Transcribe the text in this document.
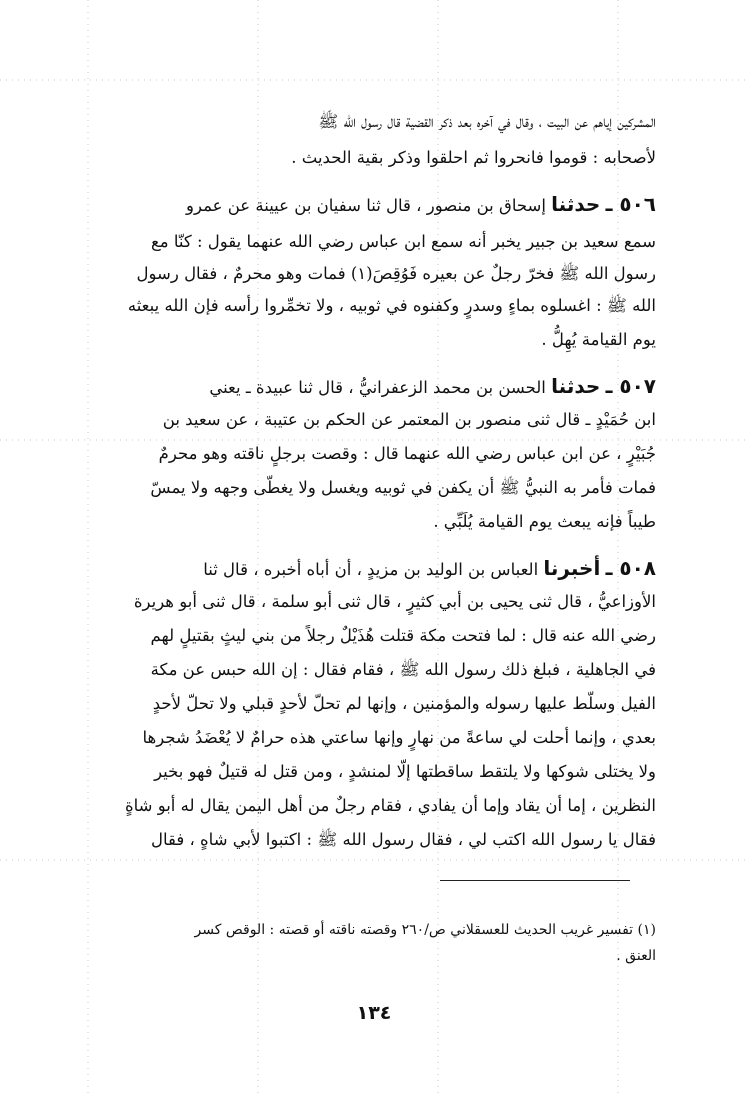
المشركين إياهم عن البيت ، وقال في آخره بعد ذكر القضية قال رسول الله ﷺ
لأصحابه : قوموا فانحروا ثم احلقوا وذكر بقية الحديث .
٥٠٦ ـ حدثنا إسحاق بن منصور ، قال ثنا سفيان بن عيينة عن عمرو
سمع سعيد بن جبير يخبر أنه سمع ابن عباس رضي الله عنهما يقول : كنّا مع
رسول الله ﷺ فخرّ رجلٌ عن بعيره فَوُقِصَ(١) فمات وهو محرمٌ ، فقال رسول
الله ﷺ : اغسلوه بماءٍ وسدرٍ وكفنوه في ثوبيه ، ولا تخمِّروا رأسه فإن الله يبعثه
يوم القيامة يُهِلُّ .
٥٠٧ ـ حدثنا الحسن بن محمد الزعفرانيُّ ، قال ثنا عبيدة ـ يعني
ابن حُمَيْدٍ ـ قال ثنى منصور بن المعتمر عن الحكم بن عتيبة ، عن سعيد بن
جُبَيْرٍ ، عن ابن عباس رضي الله عنهما قال : وقصت برجلٍ ناقته وهو محرمٌ
فمات فأمر به النبيُّ ﷺ أن يكفن في ثوبيه ويغسل ولا يغطّى وجهه ولا يمسّ
طيباً فإنه يبعث يوم القيامة يُلَبِّي .
٥٠٨ ـ أخبرنا العباس بن الوليد بن مزيدٍ ، أن أباه أخبره ، قال ثنا
الأوزاعيُّ ، قال ثنى يحيى بن أبي كثيرٍ ، قال ثنى أبو سلمة ، قال ثنى أبو هريرة
رضي الله عنه قال : لما فتحت مكة قتلت هُذَيْلٌ رجلاً من بني ليثٍ بقتيلٍ لهم
في الجاهلية ، فبلغ ذلك رسول الله ﷺ ، فقام فقال : إن الله حبس عن مكة
الفيل وسلّط عليها رسوله والمؤمنين ، وإنها لم تحلّ لأحدٍ قبلي ولا تحلّ لأحدٍ
بعدي ، وإنما أحلت لي ساعةً من نهارٍ وإنها ساعتي هذه حرامٌ لا يُعْضَدُ شجرها
ولا يختلى شوكها ولا يلتقط ساقطتها إلّا لمنشدٍ ، ومن قتل له قتيلٌ فهو بخير
النظرين ، إما أن يقاد وإما أن يفادي ، فقام رجلٌ من أهل اليمن يقال له أبو شاةٍ
فقال يا رسول الله اكتب لي ، فقال رسول الله ﷺ : اكتبوا لأبي شاهٍ ، فقال
(١) تفسير غريب الحديث للعسقلاني ص/٢٦٠ وقصته ناقته أو قصته : الوقص كسر
العنق .
١٣٤
